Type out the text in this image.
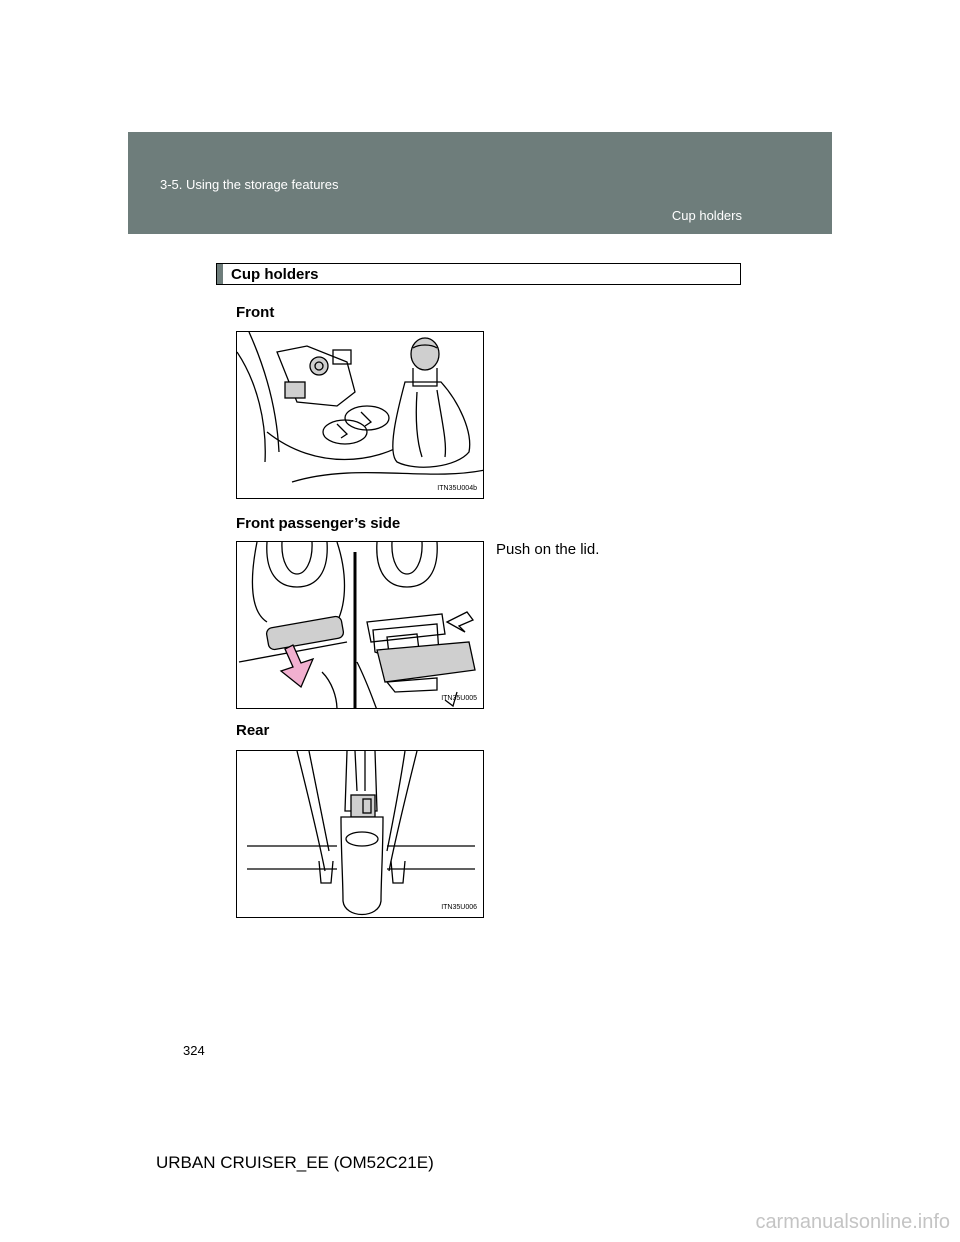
3-5. Using the storage features
Cup holders
Cup holders
Front
ITN35U004b
Front passenger’s side
Push on the lid.
ITN35U005
Rear
ITN35U006
324
URBAN CRUISER_EE (OM52C21E)
carmanualsonline.info
